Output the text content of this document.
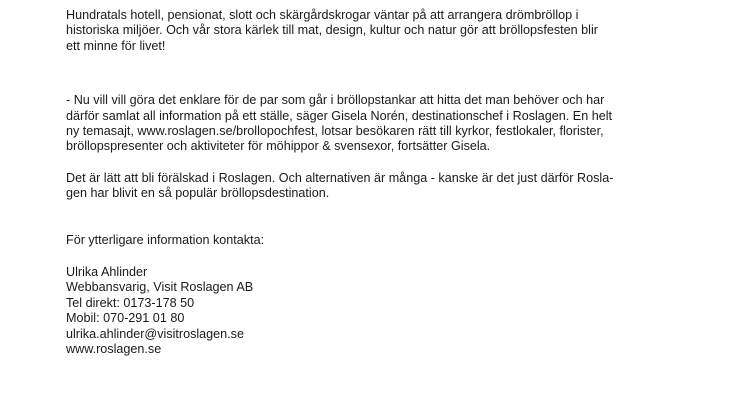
Hundratals hotell, pensionat, slott och skärgårdskrogar väntar på att arrangera drömbröllop i
historiska miljöer. Och vår stora kärlek till mat, design, kultur och natur gör att bröllopsfesten blir
ett minne för livet!

- Nu vill vill göra det enklare för de par som går i bröllopstankar att hitta det man behöver och har
därför samlat all information på ett ställe, säger Gisela Norén, destinationschef i Roslagen. En helt
ny temasajt, www.roslagen.se/brollopochfest, lotsar besökaren rätt till kyrkor, festlokaler, florister,
bröllopspresenter och aktiviteter för möhippor & svensexor, fortsätter Gisela.

Det är lätt att bli förälskad i Roslagen. Och alternativen är många - kanske är det just därför Rosla-
gen har blivit en så populär bröllopsdestination.

För ytterligare information kontakta:

Ulrika Ahlinder
Webbansvarig, Visit Roslagen AB
Tel direkt: 0173-178 50
Mobil: 070-291 01 80
ulrika.ahlinder@visitroslagen.se
www.roslagen.se
